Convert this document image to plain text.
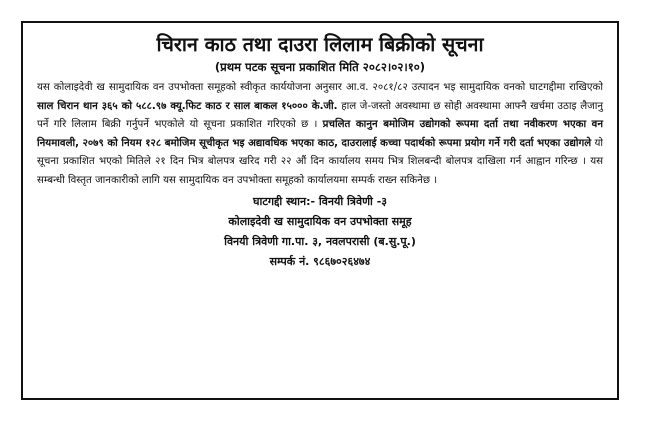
चिरान काठ तथा दाउरा लिलाम बिक्रीको सूचना
(प्रथम पटक सूचना प्रकाशित मिति २०८२।०२।१०)
यस कोलाइदेवी ख सामुदायिक वन उपभोक्ता समूहको स्वीकृत कार्ययोजना अनुसार आ.व. २०८१/८२ उत्पादन भइ सामुदायिक वनको घाटगद्दीमा राखिएको साल चिरान थान ३६५ को ५८८.९७ क्यू.फिट काठ र साल बाकल १५००० के.जी. हाल जे-जस्तो अवस्थामा छ सोही अवस्थामा आफ्नै खर्चमा उठाइ लैजानु पर्ने गरि लिलाम बिक्री गर्नुपर्ने भएकोले यो सूचना प्रकाशित गरिएको छ । प्रचलित कानुन बमोजिम उद्योगको रूपमा दर्ता तथा नवीकरण भएका वन नियमावली, २०७९ को नियम १२८ बमोजिम सूचीकृत भइ अद्यावधिक भएका काठ, दाउरालाई कच्चा पदार्थको रूपमा प्रयोग गर्ने गरी दर्ता भएका उद्योगले यो सूचना प्रकाशित भएको मितिले २१ दिन भित्र बोलपत्र खरिद गरी २२ औं दिन कार्यालय समय भित्र शिलबन्दी बोलपत्र दाखिला गर्न आह्वान गरिन्छ । यस सम्बन्धी विस्तृत जानकारीको लागि यस सामुदायिक वन उपभोक्ता समूहको कार्यालयमा सम्पर्क राख्न सकिनेछ ।
घाटगद्दी स्थान:- विनयी त्रिवेणी -३
कोलाइदेवी ख सामुदायिक वन उपभोक्ता समूह
विनयी त्रिवेणी गा.पा. ३, नवलपरासी (ब.सु.पू.)
सम्पर्क नं. ९८६७०२६४७४
